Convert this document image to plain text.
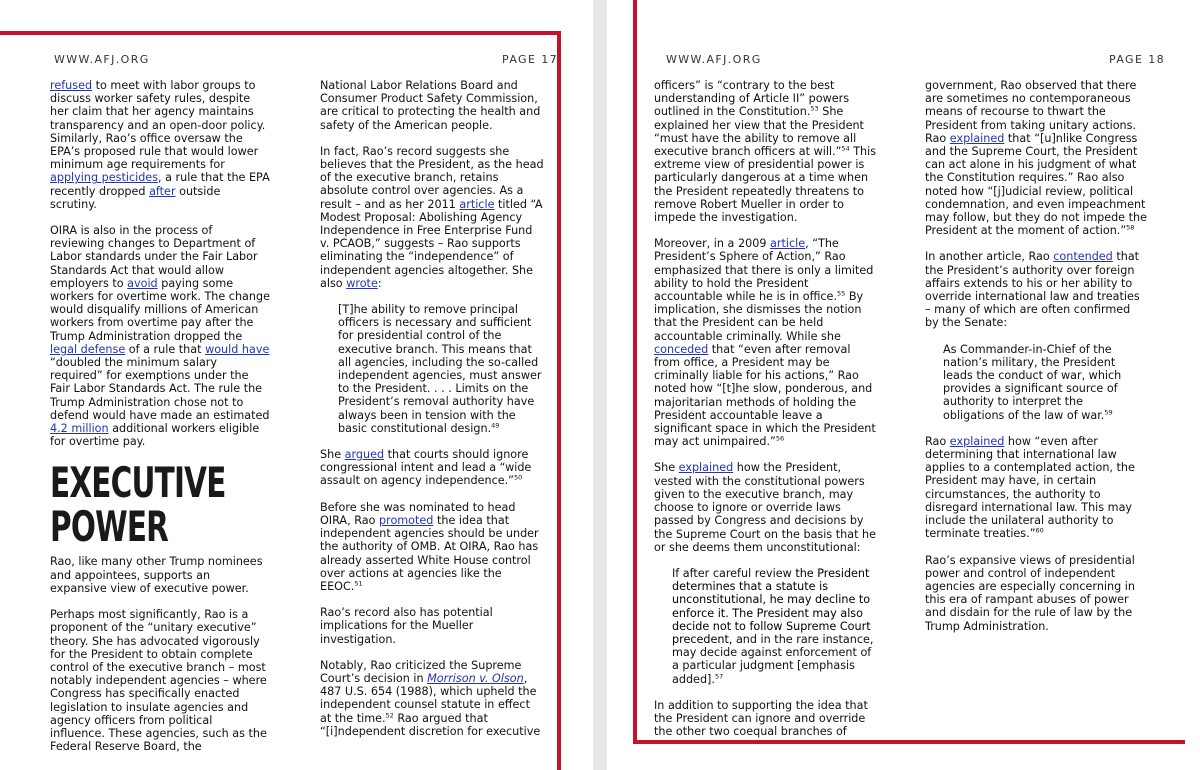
WWW.AFJ.ORG	PAGE 17

refused to meet with labor groups to discuss worker safety rules, despite her claim that her agency maintains transparency and an open-door policy. Similarly, Rao’s office oversaw the EPA’s proposed rule that would lower minimum age requirements for applying pesticides, a rule that the EPA recently dropped after outside scrutiny.

OIRA is also in the process of reviewing changes to Department of Labor standards under the Fair Labor Standards Act that would allow employers to avoid paying some workers for overtime work. The change would disqualify millions of American workers from overtime pay after the Trump Administration dropped the legal defense of a rule that would have “doubled the minimum salary required” for exemptions under the Fair Labor Standards Act. The rule the Trump Administration chose not to defend would have made an estimated 4.2 million additional workers eligible for overtime pay.

EXECUTIVE POWER

Rao, like many other Trump nominees and appointees, supports an expansive view of executive power.

Perhaps most significantly, Rao is a proponent of the “unitary executive” theory. She has advocated vigorously for the President to obtain complete control of the executive branch – most notably independent agencies – where Congress has specifically enacted legislation to insulate agencies and agency officers from political influence. These agencies, such as the Federal Reserve Board, the

National Labor Relations Board and Consumer Product Safety Commission, are critical to protecting the health and safety of the American people.

In fact, Rao’s record suggests she believes that the President, as the head of the executive branch, retains absolute control over agencies. As a result – and as her 2011 article titled “A Modest Proposal: Abolishing Agency Independence in Free Enterprise Fund v. PCAOB,” suggests – Rao supports eliminating the “independence” of independent agencies altogether. She also wrote:

[T]he ability to remove principal officers is necessary and sufficient for presidential control of the executive branch. This means that all agencies, including the so-called independent agencies, must answer to the President. . . . Limits on the President’s removal authority have always been in tension with the basic constitutional design.$^{49}$

She argued that courts should ignore congressional intent and lead a “wide assault on agency independence.”$^{50}$

Before she was nominated to head OIRA, Rao promoted the idea that independent agencies should be under the authority of OMB. At OIRA, Rao has already asserted White House control over actions at agencies like the EEOC.$^{51}$

Rao’s record also has potential implications for the Mueller investigation.

Notably, Rao criticized the Supreme Court’s decision in Morrison v. Olson, 487 U.S. 654 (1988), which upheld the independent counsel statute in effect at the time.$^{52}$ Rao argued that “[i]ndependent discretion for executive

WWW.AFJ.ORG	PAGE 18

officers” is “contrary to the best understanding of Article II” powers outlined in the Constitution.$^{53}$ She explained her view that the President “must have the ability to remove all executive branch officers at will.”$^{54}$ This extreme view of presidential power is particularly dangerous at a time when the President repeatedly threatens to remove Robert Mueller in order to impede the investigation.

Moreover, in a 2009 article, “The President’s Sphere of Action,” Rao emphasized that there is only a limited ability to hold the President accountable while he is in office.$^{55}$ By implication, she dismisses the notion that the President can be held accountable criminally. While she conceded that “even after removal from office, a President may be criminally liable for his actions,” Rao noted how “[t]he slow, ponderous, and majoritarian methods of holding the President accountable leave a significant space in which the President may act unimpaired.”$^{56}$

She explained how the President, vested with the constitutional powers given to the executive branch, may choose to ignore or override laws passed by Congress and decisions by the Supreme Court on the basis that he or she deems them unconstitutional:

If after careful review the President determines that a statute is unconstitutional, he may decline to enforce it. The President may also decide not to follow Supreme Court precedent, and in the rare instance, may decide against enforcement of a particular judgment [emphasis added].$^{57}$

In addition to supporting the idea that the President can ignore and override the other two coequal branches of

government, Rao observed that there are sometimes no contemporaneous means of recourse to thwart the President from taking unitary actions. Rao explained that “[u]nlike Congress and the Supreme Court, the President can act alone in his judgment of what the Constitution requires.” Rao also noted how “[j]udicial review, political condemnation, and even impeachment may follow, but they do not impede the President at the moment of action.”$^{58}$

In another article, Rao contended that the President’s authority over foreign affairs extends to his or her ability to override international law and treaties – many of which are often confirmed by the Senate:

As Commander-in-Chief of the nation’s military, the President leads the conduct of war, which provides a significant source of authority to interpret the obligations of the law of war.$^{59}$

Rao explained how “even after determining that international law applies to a contemplated action, the President may have, in certain circumstances, the authority to disregard international law. This may include the unilateral authority to terminate treaties.”$^{60}$

Rao’s expansive views of presidential power and control of independent agencies are especially concerning in this era of rampant abuses of power and disdain for the rule of law by the Trump Administration.
